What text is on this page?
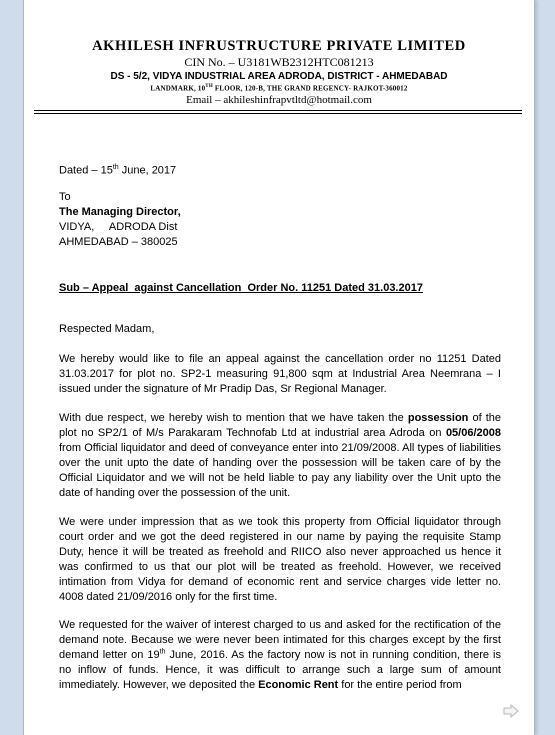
AKHILESH INFRUSTRUCTURE PRIVATE LIMITED
CIN No. – U3181WB2312HTC081213
DS - 5/2, VIDYA INDUSTRIAL AREA ADRODA, DISTRICT - AHMEDABAD
LANDMARK, 10TH FLOOR, 120-B, THE GRAND REGENCY- RAJKOT-360012
Email – akhileshinfrapvtltd@hotmail.com
Dated – 15th June, 2017
To
The Managing Director,
VIDYA,     ADRODA Dist
AHMEDABAD – 380025
Sub – Appeal  against Cancellation  Order No. 11251 Dated 31.03.2017
Respected Madam,
We hereby would like to file an appeal against the cancellation order no 11251 Dated 31.03.2017 for plot no. SP2-1 measuring 91,800 sqm at Industrial Area Neemrana – I issued under the signature of Mr Pradip Das, Sr Regional Manager.
With due respect, we hereby wish to mention that we have taken the possession of the plot no SP2/1 of M/s Parakaram Technofab Ltd at industrial area Adroda on 05/06/2008 from Official liquidator and deed of conveyance enter into 21/09/2008. All types of liabilities over the unit upto the date of handing over the possession will be taken care of by the Official Liquidator and we will not be held liable to pay any liability over the Unit upto the date of handing over the possession of the unit.
We were under impression that as we took this property from Official liquidator through court order and we got the deed registered in our name by paying the requisite Stamp Duty, hence it will be treated as freehold and RIICO also never approached us hence it was confirmed to us that our plot will be treated as freehold. However, we received intimation from Vidya for demand of economic rent and service charges vide letter no. 4008 dated 21/09/2016 only for the first time.
We requested for the waiver of interest charged to us and asked for the rectification of the demand note. Because we were never been intimated for this charges except by the first demand letter on 19th June, 2016. As the factory now is not in running condition, there is no inflow of funds. Hence, it was difficult to arrange such a large sum of amount immediately. However, we deposited the Economic Rent for the entire period from
